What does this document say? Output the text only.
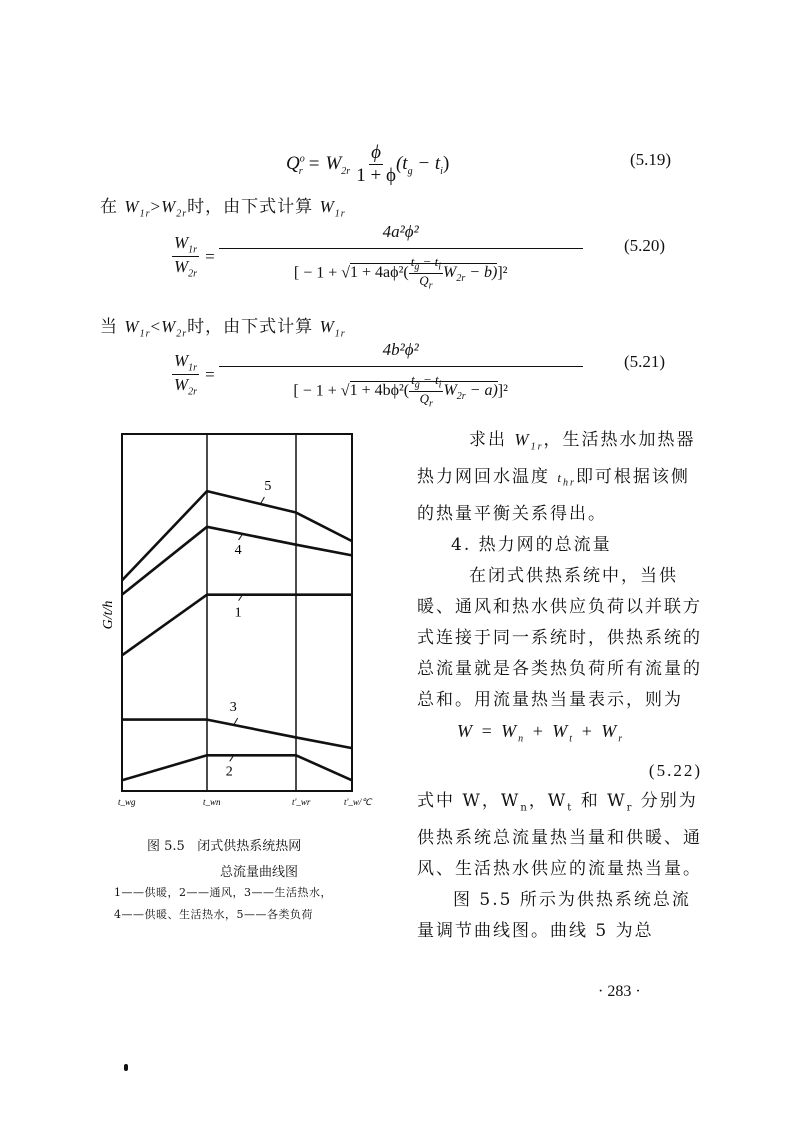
$Q^o_r = W_{2r} \frac{\phi}{1 + \phi} (t_g - t_i)$	(5.19)
在 $W_{1r}>W_{2r}$时，由下式计算 $W_{1r}$
$\frac{W_{1r}}{W_{2r}} = \frac{\text{4a²ϕ²}}{[ - 1 + √1 + 4a\phi^2( \frac{t_g - t_i}{Q_r} W_{2r} - b)]^2}$	(5.20)
当 $W_{1r}<W_{2r}$时，由下式计算 $W_{1r}$
$\frac{W_{1r}}{W_{2r}} = \frac{\text{4b²ϕ²}}{[ - 1 + √1 + 4b\phi^2( \frac{t_g - t_i}{Q_r} W_{2r} - a)]^2}$	(5.21)
5
4
1
3
2
t_wg	t_wn	t'_wr	t'_w/℃
G/t/h
图 5.5   闭式供热系统热网
总流量曲线图
1——供暖，2——通风，3——生活热水，
4——供暖、生活热水，5——各类负荷
求出 $W_{1r}$，生活热水加热器热力网回水温度 $t_{hr}$即可根据该侧的热量平衡关系得出。
4. 热力网的总流量
在闭式供热系统中，当供暖、通风和热水供应负荷以并联方式连接于同一系统时，供热系统的总流量就是各类热负荷所有流量的总和。用流量热当量表示，则为
$W = W_n + W_t + W_r$
(5.22)
式中 W，$W_n$，$W_t$ 和 $W_r$ 分别为供热系统总流量热当量和供暖、通风、生活热水供应的流量热当量。
图 5.5 所示为供热系统总流量调节曲线图。曲线 5 为总
· 283 ·
